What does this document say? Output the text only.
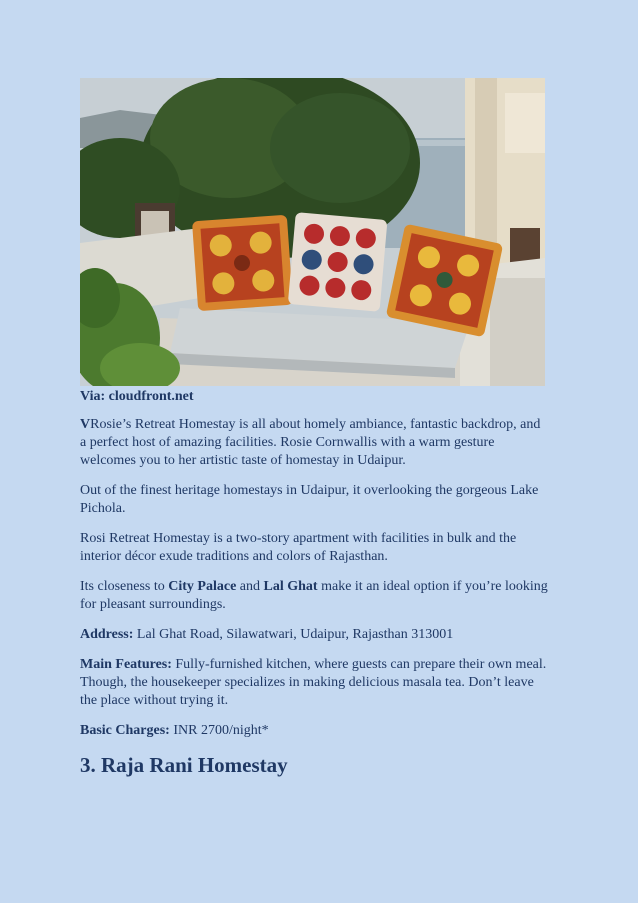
Via: cloudfront.net

VRosie’s Retreat Homestay is all about homely ambiance, fantastic backdrop, and a perfect host of amazing facilities. Rosie Cornwallis with a warm gesture welcomes you to her artistic taste of homestay in Udaipur.

Out of the finest heritage homestays in Udaipur, it overlooking the gorgeous Lake Pichola.

Rosi Retreat Homestay is a two-story apartment with facilities in bulk and the interior décor exude traditions and colors of Rajasthan.

Its closeness to City Palace and Lal Ghat make it an ideal option if you’re looking for pleasant surroundings.

Address: Lal Ghat Road, Silawatwari, Udaipur, Rajasthan 313001

Main Features: Fully-furnished kitchen, where guests can prepare their own meal. Though, the housekeeper specializes in making delicious masala tea. Don’t leave the place without trying it.

Basic Charges: INR 2700/night*

3. Raja Rani Homestay
